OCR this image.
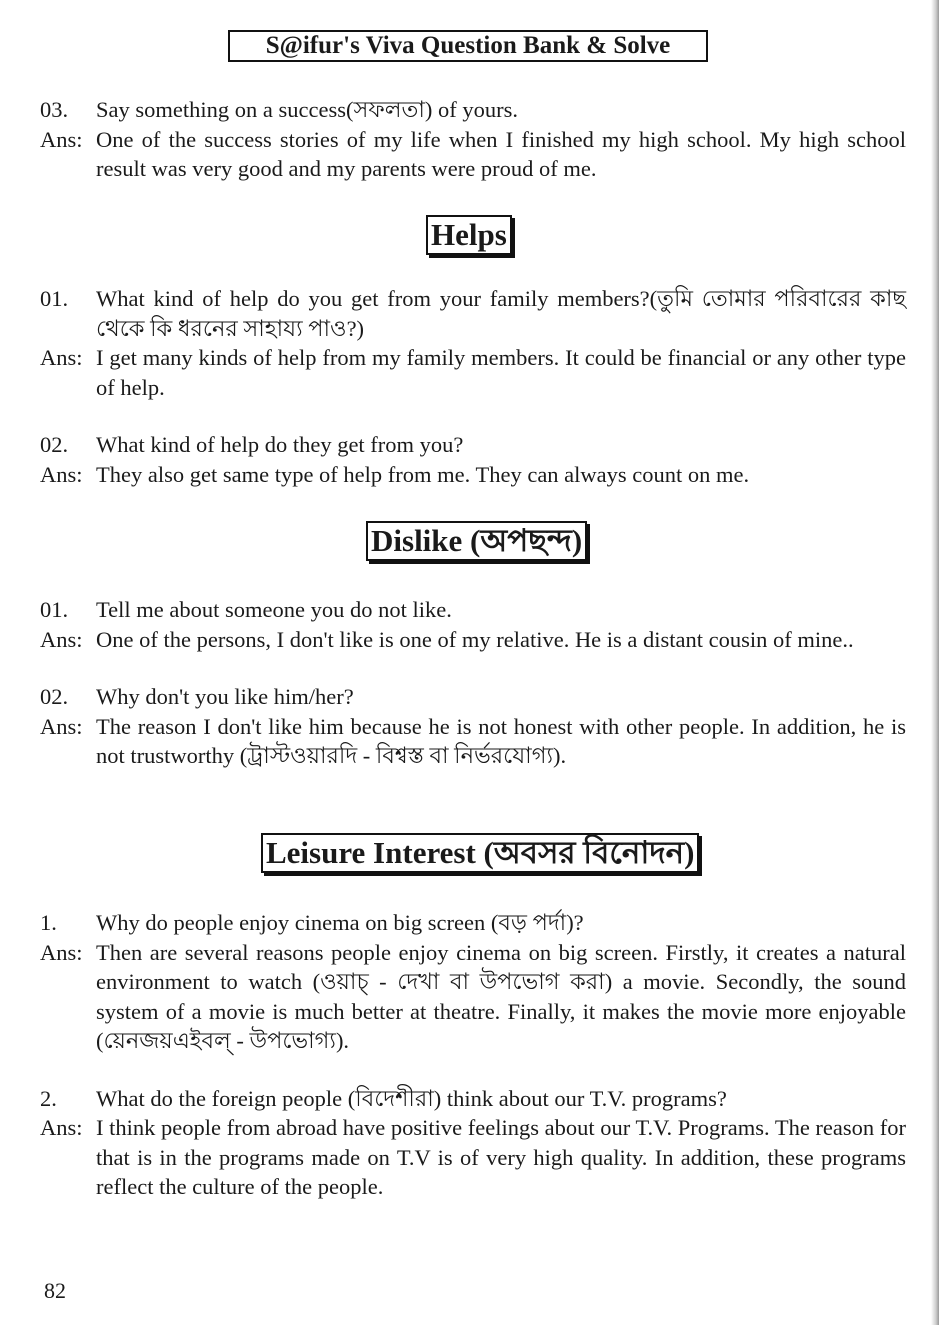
S@ifur's Viva Question Bank & Solve
03.	Say something on a success(সফলতা) of yours.
Ans: One of the success stories of my life when I finished my high school. My high school result was very good and my parents were proud of me.
Helps
01.	What kind of help do you get from your family members?(তুমি তোমার পরিবারের কাছ থেকে কি ধরনের সাহায্য পাও?)
Ans: I get many kinds of help from my family members. It could be financial or any other type of help.
02.	What kind of help do they get from you?
Ans: They also get same type of help from me. They can always count on me.
Dislike (অপছন্দ)
01.	Tell me about someone you do not like.
Ans: One of the persons, I don't like is one of my relative. He is a distant cousin of mine..
02.	Why don't you like him/her?
Ans: The reason I don't like him because he is not honest with other people. In addition, he is not trustworthy (ট্রাস্টওয়ারদি - বিশ্বস্ত বা নির্ভরযোগ্য).
Leisure Interest (অবসর বিনোদন)
1.	Why do people enjoy cinema on big screen (বড় পর্দা)?
Ans: Then are several reasons people enjoy cinema on big screen. Firstly, it creates a natural environment to watch (ওয়াচ্ - দেখা বা উপভোগ করা) a movie. Secondly, the sound system of a movie is much better at theatre. Finally, it makes the movie more enjoyable (য়েনজয়এইবল্ - উপভোগ্য).
2.	What do the foreign people (বিদেশীরা) think about our T.V. programs?
Ans: I think people from abroad have positive feelings about our T.V. Programs. The reason for that is in the programs made on T.V is of very high quality. In addition, these programs reflect the culture of the people.
82
